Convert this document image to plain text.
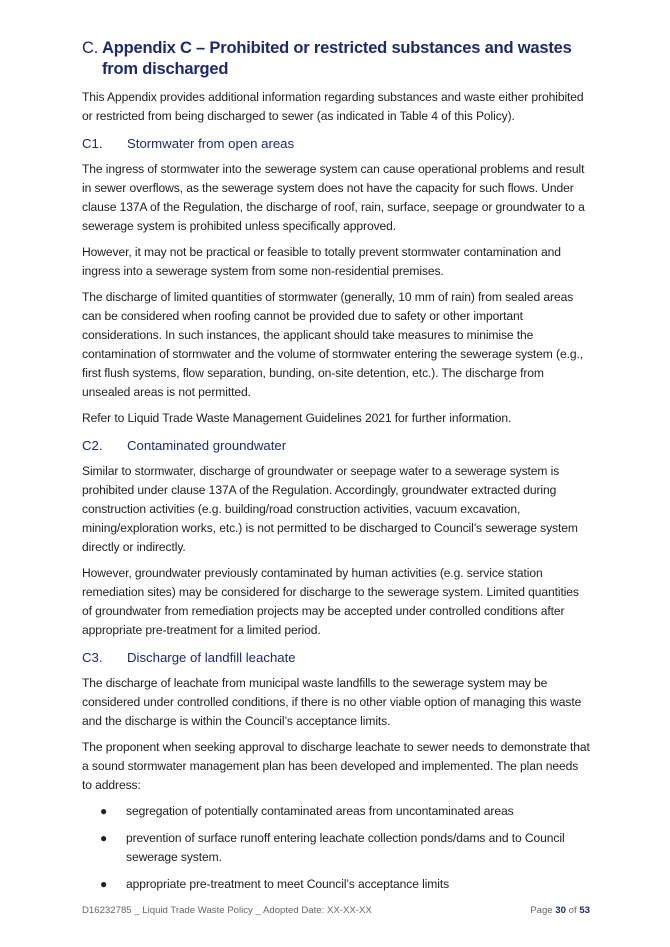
C. Appendix C – Prohibited or restricted substances and wastes from discharged

This Appendix provides additional information regarding substances and waste either prohibited or restricted from being discharged to sewer (as indicated in Table 4 of this Policy).

C1.	Stormwater from open areas

The ingress of stormwater into the sewerage system can cause operational problems and result in sewer overflows, as the sewerage system does not have the capacity for such flows. Under clause 137A of the Regulation, the discharge of roof, rain, surface, seepage or groundwater to a sewerage system is prohibited unless specifically approved.

However, it may not be practical or feasible to totally prevent stormwater contamination and ingress into a sewerage system from some non-residential premises.

The discharge of limited quantities of stormwater (generally, 10 mm of rain) from sealed areas can be considered when roofing cannot be provided due to safety or other important considerations. In such instances, the applicant should take measures to minimise the contamination of stormwater and the volume of stormwater entering the sewerage system (e.g., first flush systems, flow separation, bunding, on-site detention, etc.). The discharge from unsealed areas is not permitted.

Refer to Liquid Trade Waste Management Guidelines 2021 for further information.

C2.	Contaminated groundwater

Similar to stormwater, discharge of groundwater or seepage water to a sewerage system is prohibited under clause 137A of the Regulation. Accordingly, groundwater extracted during construction activities (e.g. building/road construction activities, vacuum excavation, mining/exploration works, etc.) is not permitted to be discharged to Council’s sewerage system directly or indirectly.

However, groundwater previously contaminated by human activities (e.g. service station remediation sites) may be considered for discharge to the sewerage system. Limited quantities of groundwater from remediation projects may be accepted under controlled conditions after appropriate pre-treatment for a limited period.

C3.	Discharge of landfill leachate

The discharge of leachate from municipal waste landfills to the sewerage system may be considered under controlled conditions, if there is no other viable option of managing this waste and the discharge is within the Council’s acceptance limits.

The proponent when seeking approval to discharge leachate to sewer needs to demonstrate that a sound stormwater management plan has been developed and implemented. The plan needs to address:

●	segregation of potentially contaminated areas from uncontaminated areas
●	prevention of surface runoff entering leachate collection ponds/dams and to Council sewerage system.
●	appropriate pre-treatment to meet Council’s acceptance limits
D16232785 _ Liquid Trade Waste Policy _ Adopted Date: XX-XX-XX	Page 30 of 53
